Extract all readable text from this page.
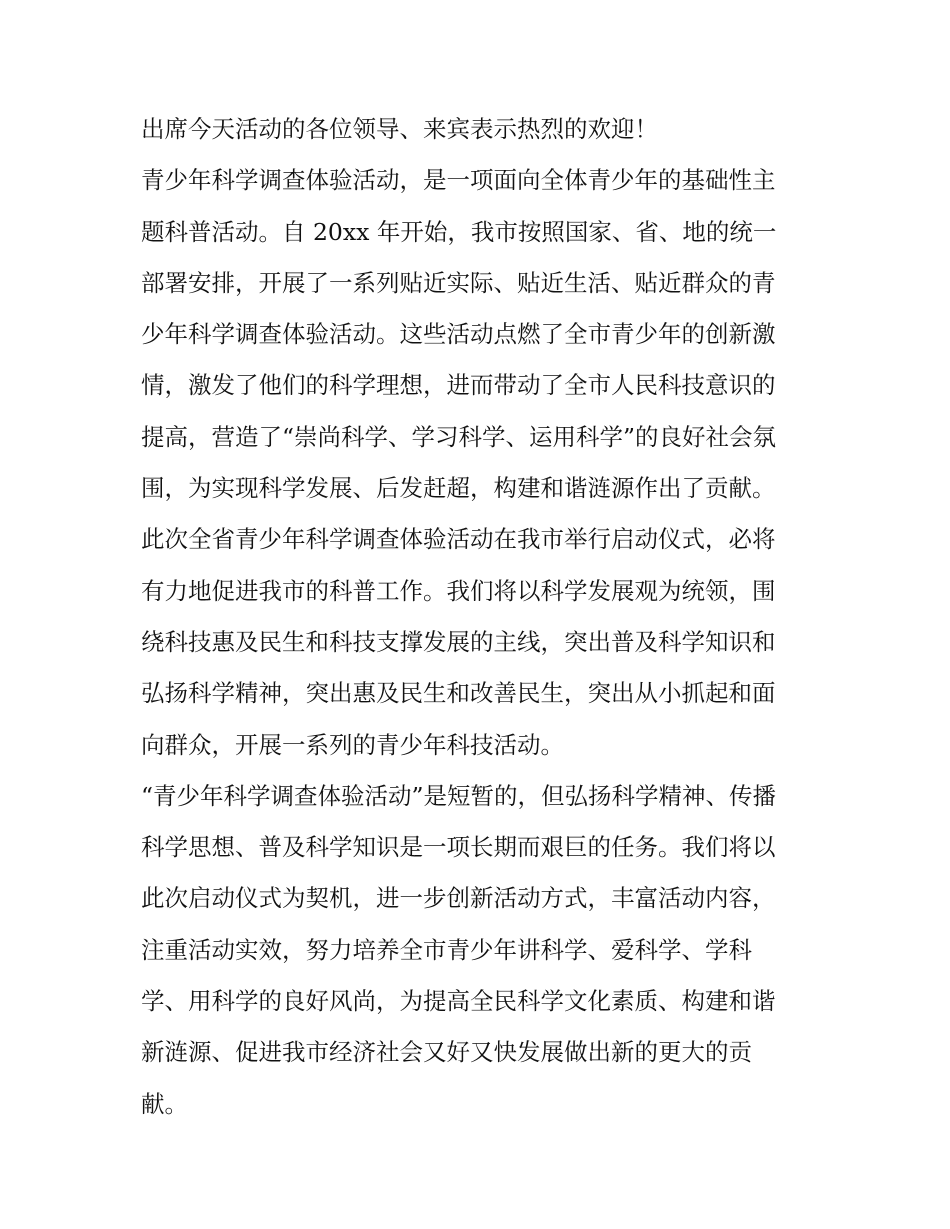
出席今天活动的各位领导、来宾表示热烈的欢迎！
青少年科学调查体验活动，是一项面向全体青少年的基础性主
题科普活动。自 20xx 年开始，我市按照国家、省、地的统一
部署安排，开展了一系列贴近实际、贴近生活、贴近群众的青
少年科学调查体验活动。这些活动点燃了全市青少年的创新激
情，激发了他们的科学理想，进而带动了全市人民科技意识的
提高，营造了“崇尚科学、学习科学、运用科学”的良好社会氛
围，为实现科学发展、后发赶超，构建和谐涟源作出了贡献。
此次全省青少年科学调查体验活动在我市举行启动仪式，必将
有力地促进我市的科普工作。我们将以科学发展观为统领，围
绕科技惠及民生和科技支撑发展的主线，突出普及科学知识和
弘扬科学精神，突出惠及民生和改善民生，突出从小抓起和面
向群众，开展一系列的青少年科技活动。
“青少年科学调查体验活动”是短暂的，但弘扬科学精神、传播
科学思想、普及科学知识是一项长期而艰巨的任务。我们将以
此次启动仪式为契机，进一步创新活动方式，丰富活动内容，
注重活动实效，努力培养全市青少年讲科学、爱科学、学科
学、用科学的良好风尚，为提高全民科学文化素质、构建和谐
新涟源、促进我市经济社会又好又快发展做出新的更大的贡
献。
